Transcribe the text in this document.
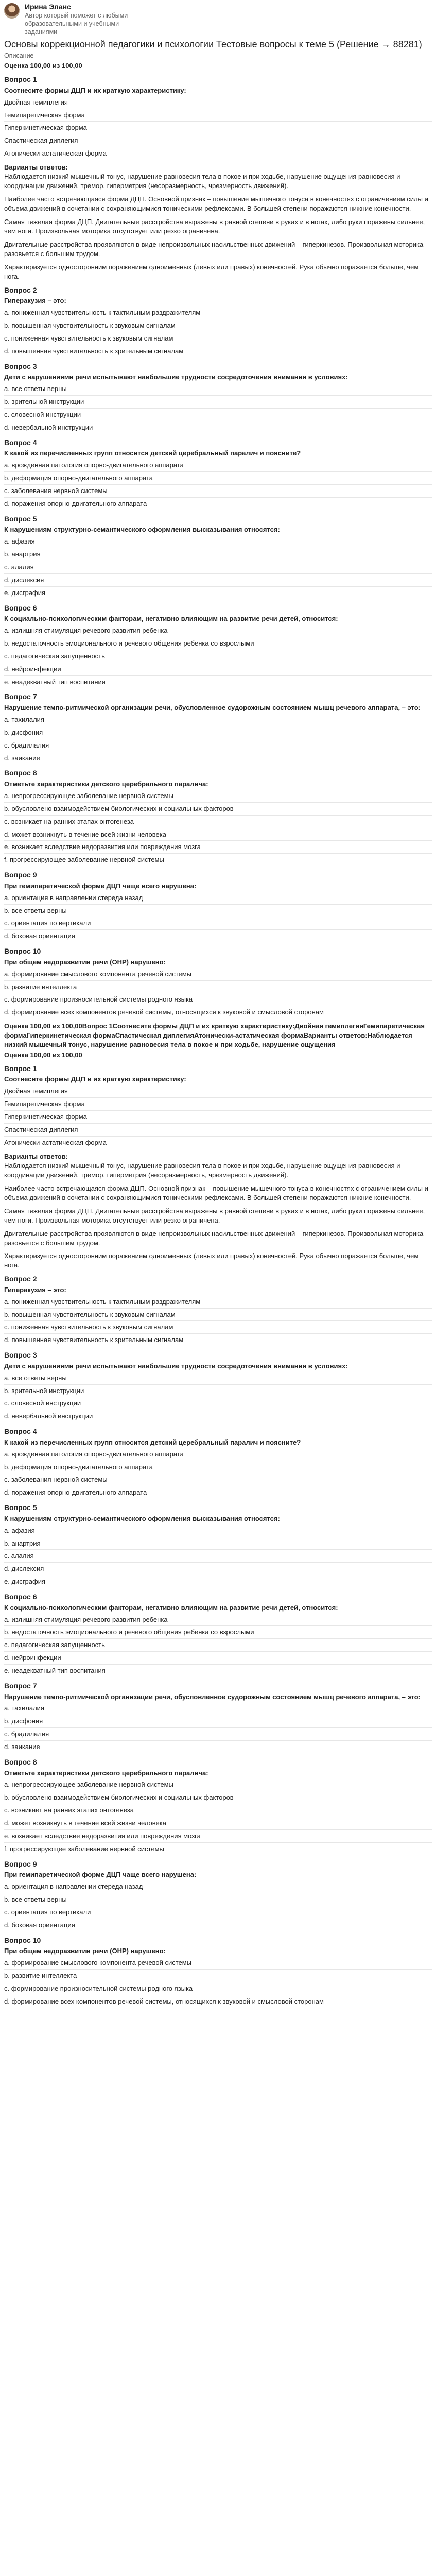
Ирина Эланс
Автор который поможет с любыми образовательными и учебными заданиями
Основы коррекционной педагогики и психологии Тестовые вопросы к теме 5 (Решение → 88281)
Описание
Оценка 100,00 из 100,00
Вопрос 1
Соотнесите формы ДЦП и их краткую характеристику:
Двойная гемиплегия
Гемипаретическая форма
Гиперкинетическая форма
Спастическая диплегия
Атонически-астатическая форма
Варианты ответов:

Наблюдается низкий мышечный тонус, нарушение равновесия тела в покое и при ходьбе, нарушение ощущения равновесия и координации движений, тремор, гиперметрия (несоразмерность, чрезмерность движений).

Наиболее часто встречающаяся форма ДЦП. Основной признак – повышение мышечного тонуса в конечностях с ограничением силы и объема движений в сочетании с сохраняющимися тоническими рефлексами. В большей степени поражаются нижние конечности.

Самая тяжелая форма ДЦП. Двигательные расстройства выражены в равной степени в руках и в ногах, либо руки поражены сильнее, чем ноги. Произвольная моторика отсутствует или резко ограничена.

Двигательные расстройства проявляются в виде непроизвольных насильственных движений – гиперкинезов. Произвольная моторика разовьется с большим трудом.

Характеризуется односторонним поражением одноименных (левых или правых) конечностей. Рука обычно поражается больше, чем нога.

Вопрос 2
Гиперакузия – это:
а. пониженная чувствительность к тактильным раздражителям
b. повышенная чувствительность к звуковым сигналам
с. пониженная чувствительность к звуковым сигналам
d. повышенная чувствительность к зрительным сигналам
Вопрос 3
Дети с нарушениями речи испытывают наибольшие трудности сосредоточения внимания в условиях:
а. все ответы верны
b. зрительной инструкции
с. словесной инструкции
d. невербальной инструкции
Вопрос 4
К какой из перечисленных групп относится детский церебральный паралич и поясните?
а. врожденная патология опорно-двигательного аппарата
b. деформация опорно-двигательного аппарата
с. заболевания нервной системы
d. поражения опорно-двигательного аппарата
Вопрос 5
К нарушениям структурно-семантического оформления высказывания относятся:
а. афазия
b. анартрия
с. алалия
d. дислексия
е. дисграфия
Вопрос 6
К социально-психологическим факторам, негативно влияющим на развитие речи детей, относится:
а. излишняя стимуляция речевого развития ребенка
b. недостаточность эмоционального и речевого общения ребенка со взрослыми
с. педагогическая запущенность
d. нейроинфекции
е. неадекватный тип воспитания
Вопрос 7
Нарушение темпо-ритмической организации речи, обусловленное судорожным состоянием мышц речевого аппарата, – это:
а. тахилалия
b. дисфония
с. брадилалия
d. заикание
Вопрос 8
Отметьте характеристики детского церебрального паралича:
а. непрогрессирующее заболевание нервной системы
b. обусловлено взаимодействием биологических и социальных факторов
с. возникает на ранних этапах онтогенеза
d. может возникнуть в течение всей жизни человека
е. возникает вследствие недоразвития или повреждения мозга
f. прогрессирующее заболевание нервной системы
Вопрос 9
При гемипаретической форме ДЦП чаще всего нарушена:
а. ориентация в направлении стереда назад
b. все ответы верны
с. ориентация по вертикали
d. боковая ориентация
Вопрос 10
При общем недоразвитии речи (ОНР) нарушено:
а. формирование смыслового компонента речевой системы
b. развитие интеллекта
с. формирование произносительной системы родного языка
d. формирование всех компонентов речевой системы, относящихся к звуковой и смысловой сторонам
Оценка 100,00 из 100,00Вопрос 1Соотнесите формы ДЦП и их краткую характеристику:Двойная гемиплегияГемипаретическая формаГиперкинетическая формаСпастическая диплегияАтонически-астатическая формаВарианты ответов:Наблюдается низкий мышечный тонус, нарушение равновесия тела в покое и при ходьбе, нарушение ощущения
Оценка 100,00 из 100,00
Вопрос 1
Соотнесите формы ДЦП и их краткую характеристику:
Двойная гемиплегия
Гемипаретическая форма
Гиперкинетическая форма
Спастическая диплегия
Атонически-астатическая форма
Варианты ответов:

Наблюдается низкий мышечный тонус, нарушение равновесия тела в покое и при ходьбе, нарушение ощущения равновесия и координации движений, тремор, гиперметрия (несоразмерность, чрезмерность движений).

Наиболее часто встречающаяся форма ДЦП. Основной признак – повышение мышечного тонуса в конечностях с ограничением силы и объема движений в сочетании с сохраняющимися тоническими рефлексами. В большей степени поражаются нижние конечности.

Самая тяжелая форма ДЦП. Двигательные расстройства выражены в равной степени в руках и в ногах, либо руки поражены сильнее, чем ноги. Произвольная моторика отсутствует или резко ограничена.

Двигательные расстройства проявляются в виде непроизвольных насильственных движений – гиперкинезов. Произвольная моторика разовьется с большим трудом.

Характеризуется односторонним поражением одноименных (левых или правых) конечностей. Рука обычно поражается больше, чем нога.

Вопрос 2
Гиперакузия – это:
а. пониженная чувствительность к тактильным раздражителям
b. повышенная чувствительность к звуковым сигналам
с. пониженная чувствительность к звуковым сигналам
d. повышенная чувствительность к зрительным сигналам
Вопрос 3
Дети с нарушениями речи испытывают наибольшие трудности сосредоточения внимания в условиях:
а. все ответы верны
b. зрительной инструкции
с. словесной инструкции
d. невербальной инструкции
Вопрос 4
К какой из перечисленных групп относится детский церебральный паралич и поясните?
а. врожденная патология опорно-двигательного аппарата
b. деформация опорно-двигательного аппарата
с. заболевания нервной системы
d. поражения опорно-двигательного аппарата
Вопрос 5
К нарушениям структурно-семантического оформления высказывания относятся:
а. афазия
b. анартрия
с. алалия
d. дислексия
е. дисграфия
Вопрос 6
К социально-психологическим факторам, негативно влияющим на развитие речи детей, относится:
а. излишняя стимуляция речевого развития ребенка
b. недостаточность эмоционального и речевого общения ребенка со взрослыми
с. педагогическая запущенность
d. нейроинфекции
е. неадекватный тип воспитания
Вопрос 7
Нарушение темпо-ритмической организации речи, обусловленное судорожным состоянием мышц речевого аппарата, – это:
а. тахилалия
b. дисфония
с. брадилалия
d. заикание
Вопрос 8
Отметьте характеристики детского церебрального паралича:
а. непрогрессирующее заболевание нервной системы
b. обусловлено взаимодействием биологических и социальных факторов
с. возникает на ранних этапах онтогенеза
d. может возникнуть в течение всей жизни человека
е. возникает вследствие недоразвития или повреждения мозга
f. прогрессирующее заболевание нервной системы
Вопрос 9
При гемипаретической форме ДЦП чаще всего нарушена:
а. ориентация в направлении стереда назад
b. все ответы верны
с. ориентация по вертикали
d. боковая ориентация
Вопрос 10
При общем недоразвитии речи (ОНР) нарушено:
а. формирование смыслового компонента речевой системы
b. развитие интеллекта
с. формирование произносительной системы родного языка
d. формирование всех компонентов речевой системы, относящихся к звуковой и смысловой сторонам
